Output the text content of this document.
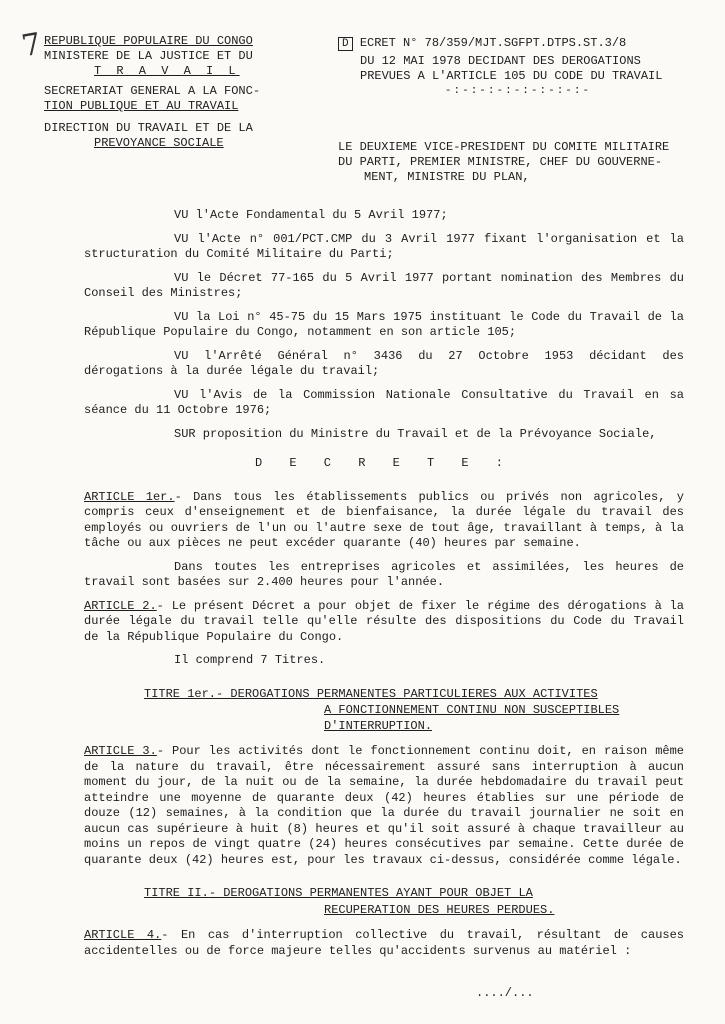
7 REPUBLIQUE POPULAIRE DU CONGO
MINISTERE DE LA JUSTICE ET DU
T R A V A I L
SECRETARIAT GENERAL A LA FONC-
TION PUBLIQUE ET AU TRAVAIL
DIRECTION DU TRAVAIL ET DE LA
PREVOYANCE SOCIALE
D ECRET N° 78/359/MJT.SGFPT.DTPS.ST.3/8
DU 12 MAI 1978 DECIDANT DES DEROGATIONS
PREVUES A L'ARTICLE 105 DU CODE DU TRAVAIL
-:-:-:-:-:-:-:-:-
LE DEUXIEME VICE-PRESIDENT DU COMITE MILITAIRE
DU PARTI, PREMIER MINISTRE, CHEF DU GOUVERNE-
MENT, MINISTRE DU PLAN,

VU l'Acte Fondamental du 5 Avril 1977;

VU l'Acte n° 001/PCT.CMP du 3 Avril 1977 fixant l'organisation et la structuration du Comité Militaire du Parti;

VU le Décret 77-165 du 5 Avril 1977 portant nomination des Membres du Conseil des Ministres;

VU la Loi n° 45-75 du 15 Mars 1975 instituant le Code du Travail de la République Populaire du Congo, notamment en son article 105;

VU l'Arrêté Général n° 3436 du 27 Octobre 1953 décidant des dérogations à la durée légale du travail;

VU l'Avis de la Commission Nationale Consultative du Travail en sa séance du 11 Octobre 1976;

SUR proposition du Ministre du Travail et de la Prévoyance Sociale,

D E C R E T E :

ARTICLE 1er.- Dans tous les établissements publics ou privés non agricoles, y compris ceux d'enseignement et de bienfaisance, la durée légale du travail des employés ou ouvriers de l'un ou l'autre sexe de tout âge, travaillant à temps, à la tâche ou aux pièces ne peut excéder quarante (40) heures par semaine.

Dans toutes les entreprises agricoles et assimilées, les heures de travail sont basées sur 2.400 heures pour l'année.

ARTICLE 2.- Le présent Décret a pour objet de fixer le régime des dérogations à la durée légale du travail telle qu'elle résulte des dispositions du Code du Travail de la République Populaire du Congo.

Il comprend 7 Titres.

TITRE 1er.- DEROGATIONS PERMANENTES PARTICULIERES AUX ACTIVITES
A FONCTIONNEMENT CONTINU NON SUSCEPTIBLES D'INTERRUPTION.

ARTICLE 3.- Pour les activités dont le fonctionnement continu doit, en raison même de la nature du travail, être nécessairement assuré sans interruption à aucun moment du jour, de la nuit ou de la semaine, la durée hebdomadaire du travail peut atteindre une moyenne de quarante deux (42) heures établies sur une période de douze (12) semaines, à la condition que la durée du travail journalier ne soit en aucun cas supérieure à huit (8) heures et qu'il soit assuré à chaque travailleur au moins un repos de vingt quatre (24) heures consécutives par semaine. Cette durée de quarante deux (42) heures est, pour les travaux ci-dessus, considérée comme légale.

TITRE II.- DEROGATIONS PERMANENTES AYANT POUR OBJET LA
RECUPERATION DES HEURES PERDUES.

ARTICLE 4.- En cas d'interruption collective du travail, résultant de causes accidentelles ou de force majeure telles qu'accidents survenus au matériel :

..../...
